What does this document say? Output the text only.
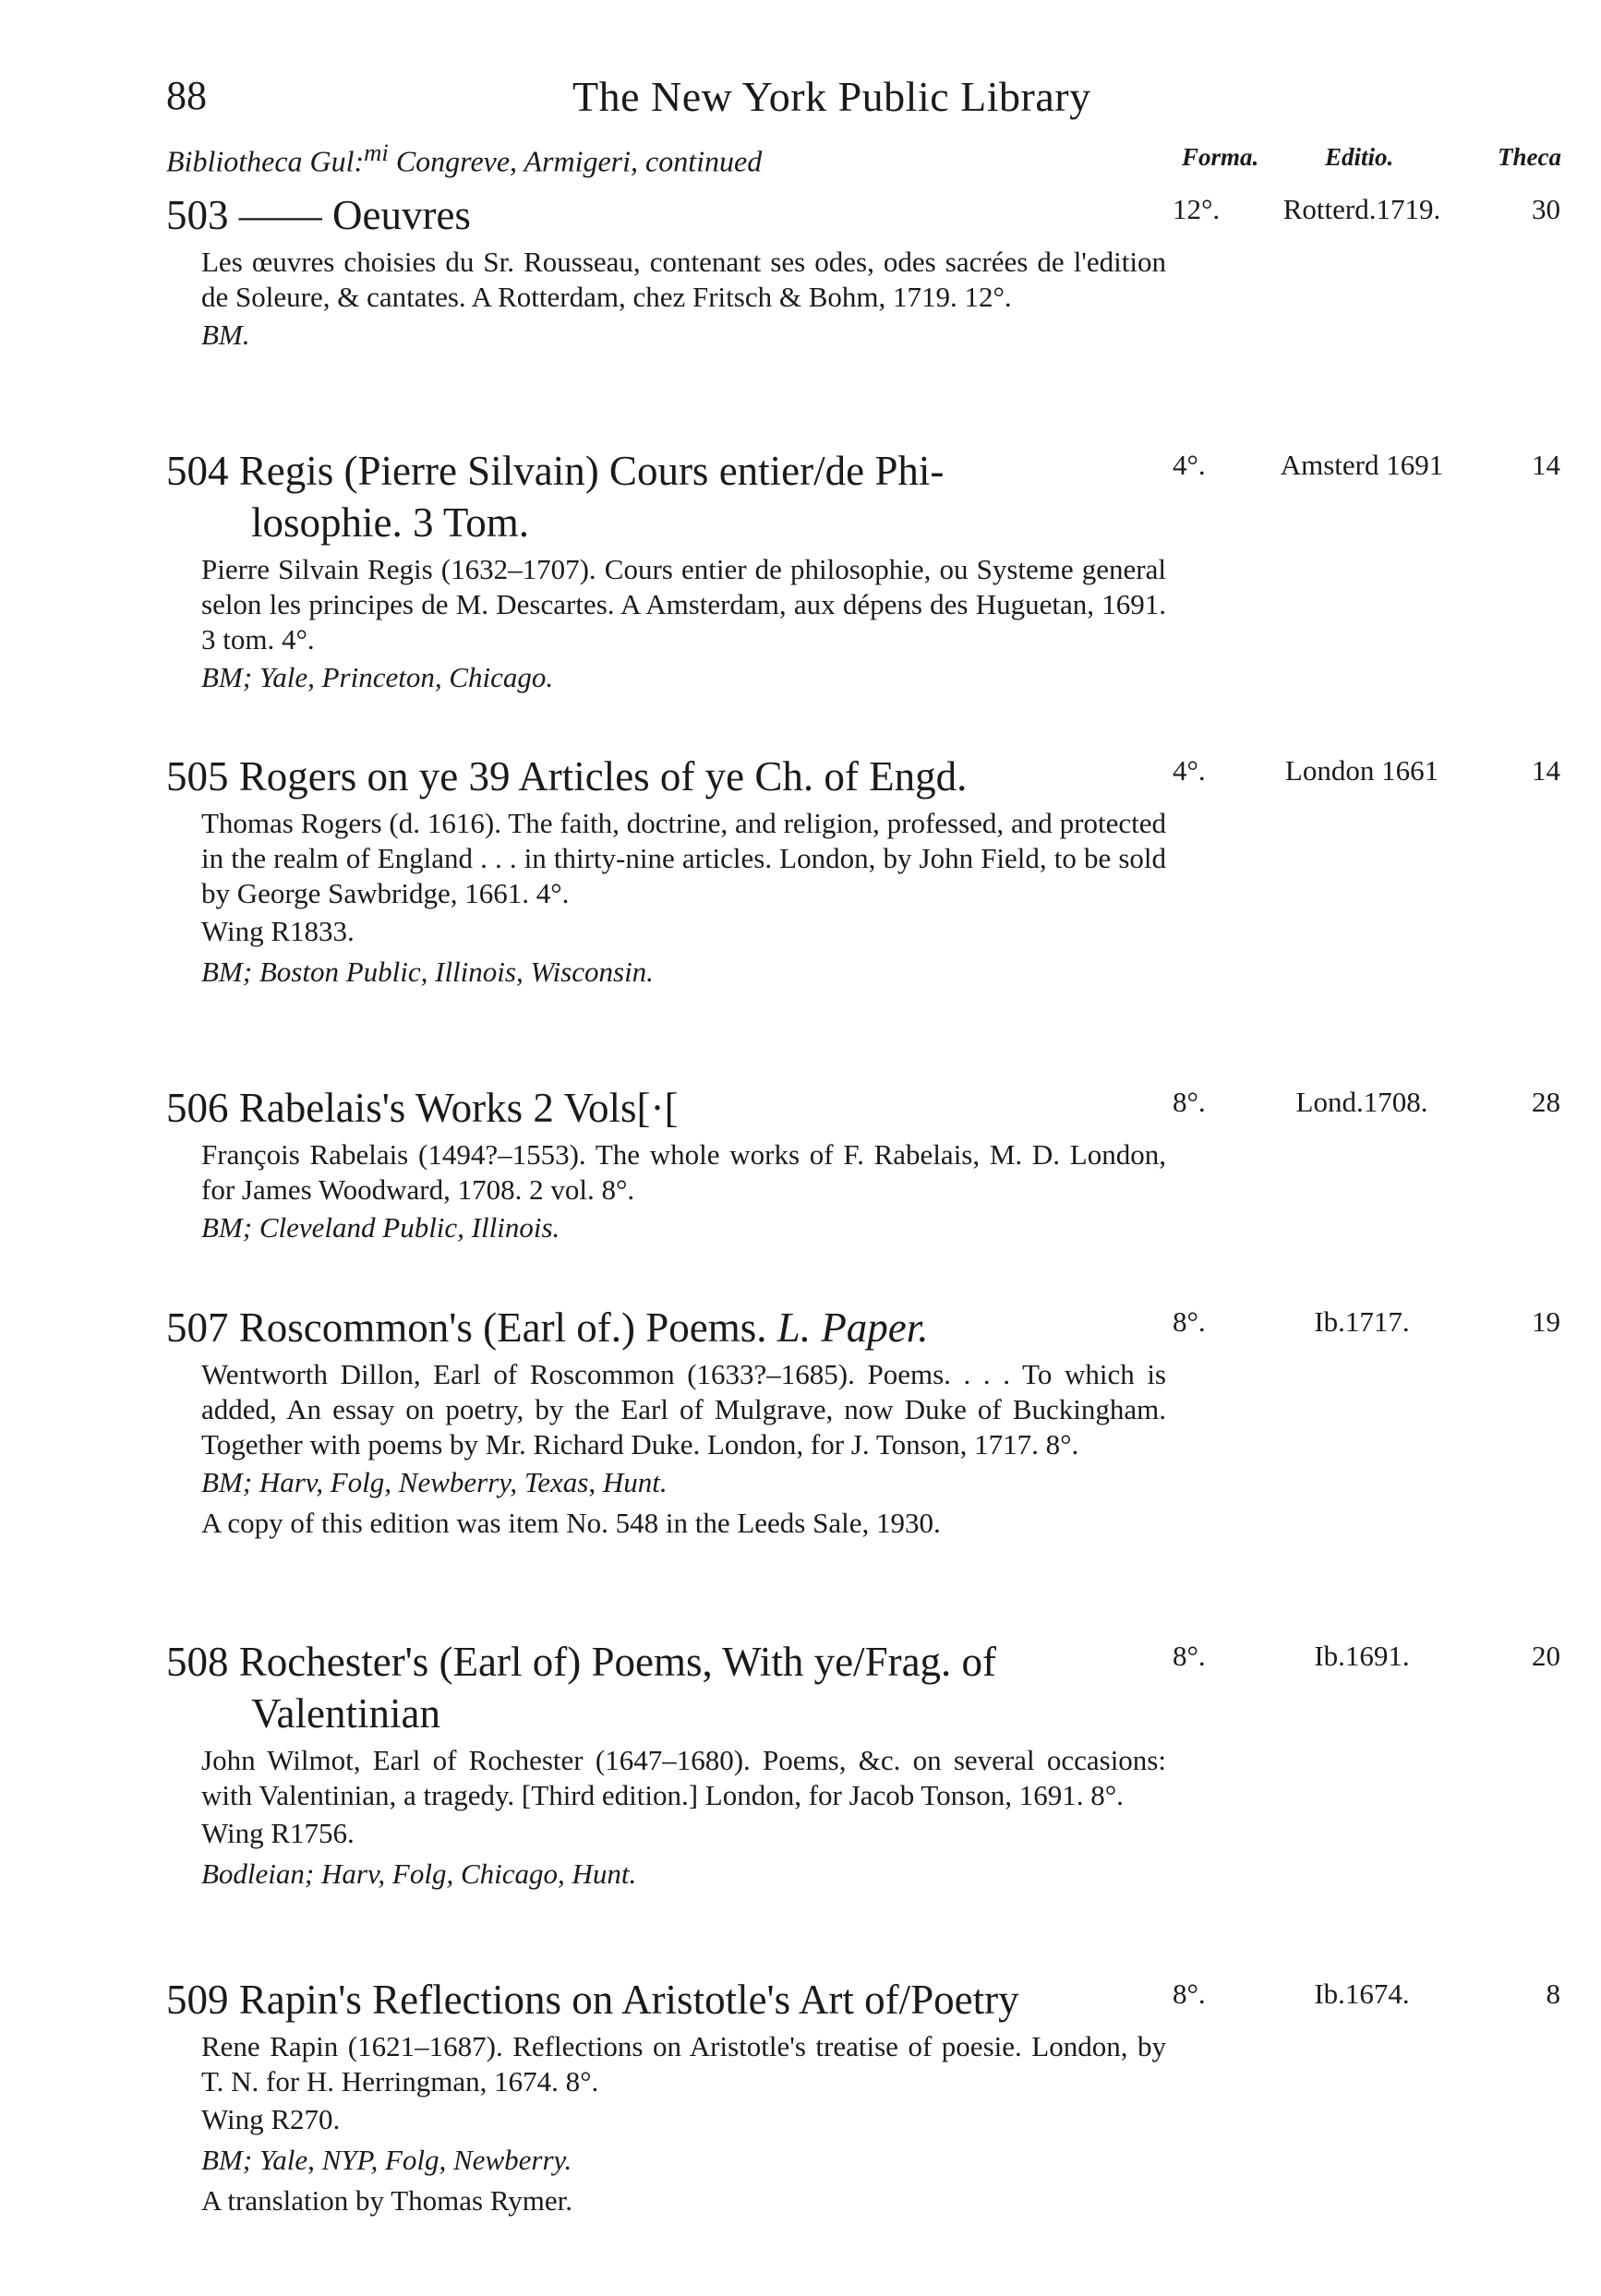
88	The New York Public Library
Bibliotheca Gul:$^{mi}$ Congreve, Armigeri, continued	Forma.	Editio.	Theca
503 —— Oeuvres	12°.	Rotterd.1719.	30
Les œuvres choisies du Sr. Rousseau, contenant ses odes, odes sacrées de l'edition de Soleure, & cantates. A Rotterdam, chez Fritsch & Bohm, 1719. 12°.
BM.
504 Regis (Pierre Silvain) Cours entier/de Phi-
losophie. 3 Tom.
4°.	Amsterd 1691	14
Pierre Silvain Regis (1632–1707). Cours entier de philosophie, ou Systeme general selon les principes de M. Descartes. A Amsterdam, aux dépens des Huguetan, 1691. 3 tom. 4°.
BM; Yale, Princeton, Chicago.
505 Rogers on ye 39 Articles of ye Ch. of Engd.	4°.	London 1661	14
Thomas Rogers (d. 1616). The faith, doctrine, and religion, professed, and protected in the realm of England . . . in thirty-nine articles. London, by John Field, to be sold by George Sawbridge, 1661. 4°.
Wing R1833.
BM; Boston Public, Illinois, Wisconsin.
506 Rabelais's Works 2 Vols[·[	8°.	Lond.1708.	28
François Rabelais (1494?–1553). The whole works of F. Rabelais, M. D. London, for James Woodward, 1708. 2 vol. 8°.
BM; Cleveland Public, Illinois.
507 Roscommon's (Earl of.) Poems. L. Paper.	8°.	Ib.1717.	19
Wentworth Dillon, Earl of Roscommon (1633?–1685). Poems. . . . To which is added, An essay on poetry, by the Earl of Mulgrave, now Duke of Buckingham. Together with poems by Mr. Richard Duke. London, for J. Tonson, 1717. 8°.
BM; Harv, Folg, Newberry, Texas, Hunt.
A copy of this edition was item No. 548 in the Leeds Sale, 1930.
508 Rochester's (Earl of) Poems, With ye/Frag. of
Valentinian
8°.	Ib.1691.	20
John Wilmot, Earl of Rochester (1647–1680). Poems, &c. on several occasions: with Valentinian, a tragedy. [Third edition.] London, for Jacob Tonson, 1691. 8°.
Wing R1756.
Bodleian; Harv, Folg, Chicago, Hunt.
509 Rapin's Reflections on Aristotle's Art of/Poetry	8°.	Ib.1674.	8
Rene Rapin (1621–1687). Reflections on Aristotle's treatise of poesie. London, by T. N. for H. Herringman, 1674. 8°.
Wing R270.
BM; Yale, NYP, Folg, Newberry.
A translation by Thomas Rymer.
